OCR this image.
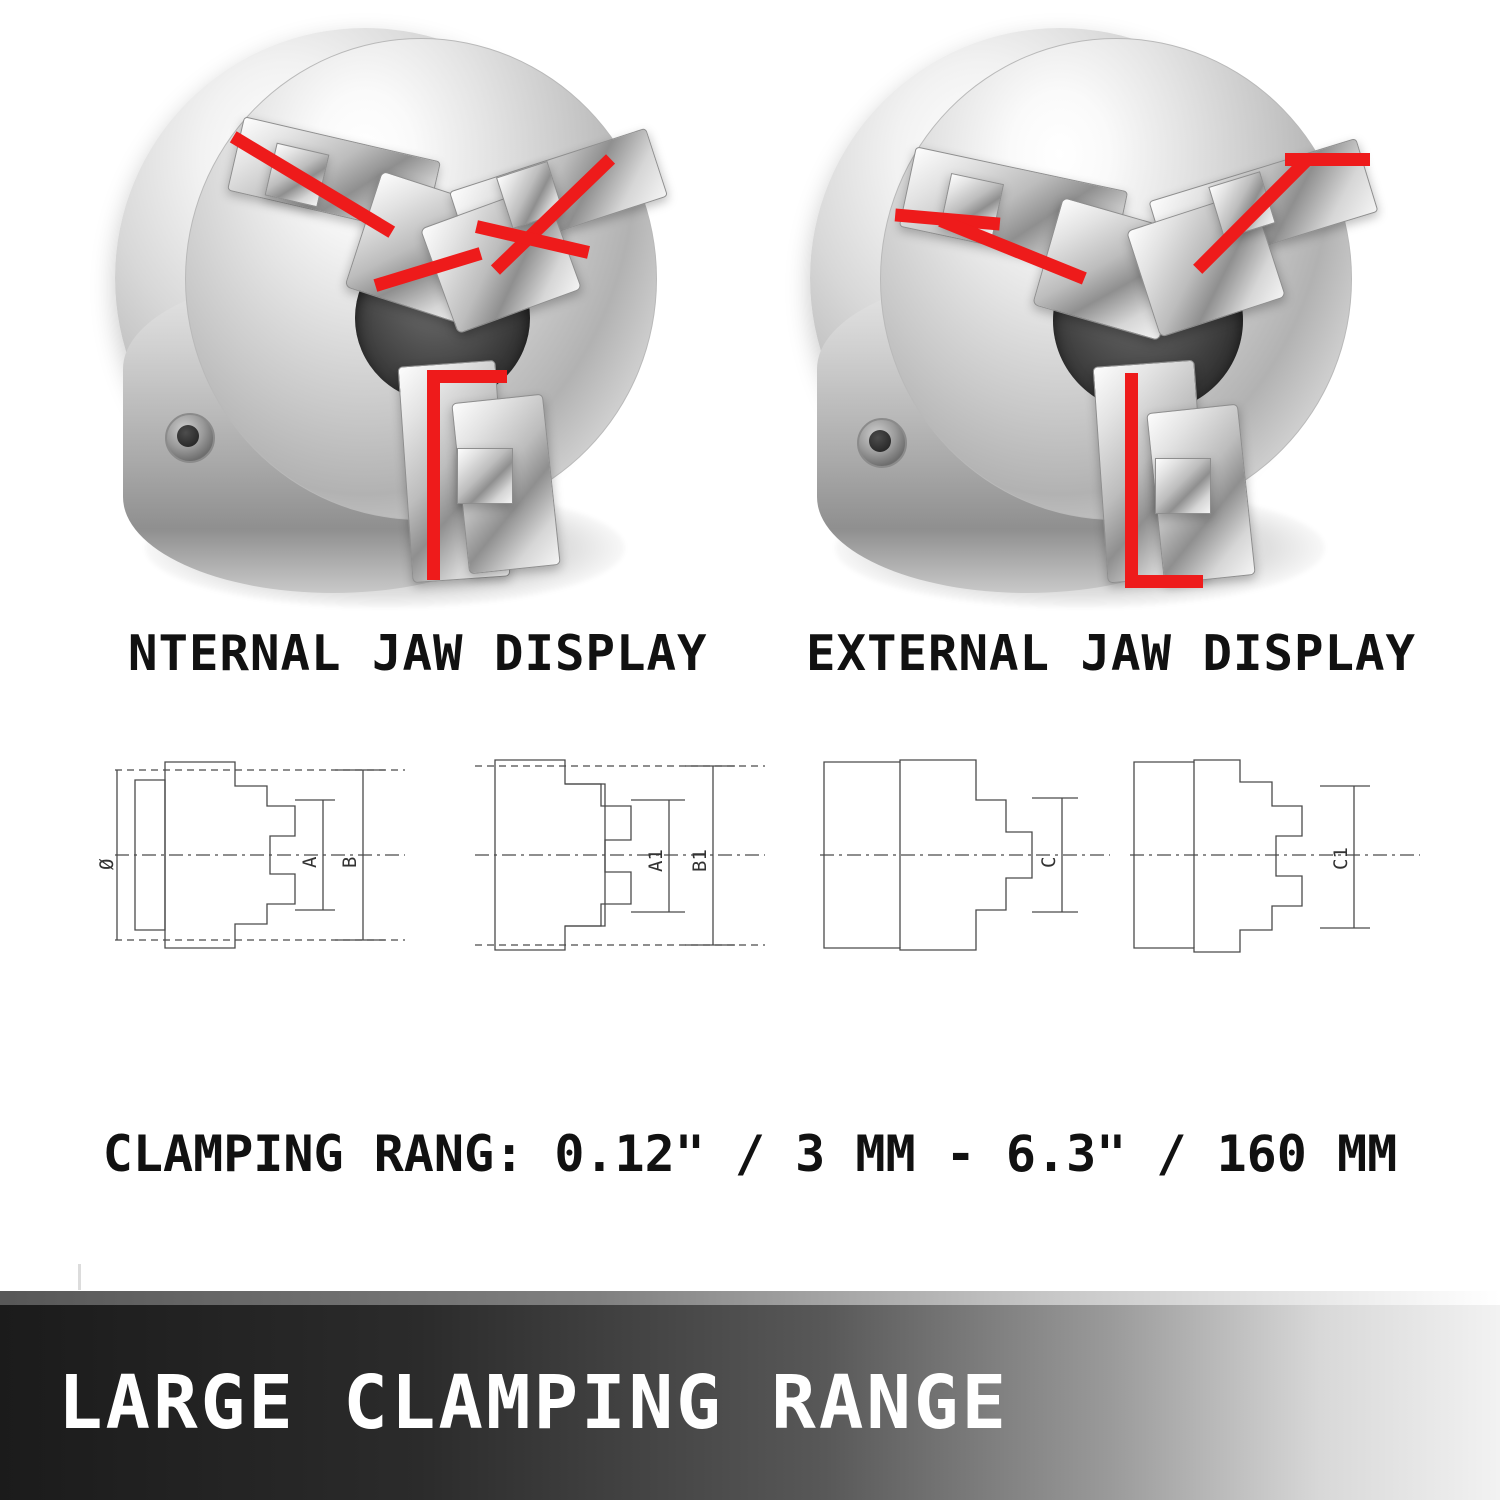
NTERNAL JAW DISPLAY EXTERNAL JAW DISPLAY
Ø	A B	A1 B1	C	C1
CLAMPING RANG: 0.12" / 3 MM - 6.3" / 160 MM
LARGE CLAMPING RANGE
